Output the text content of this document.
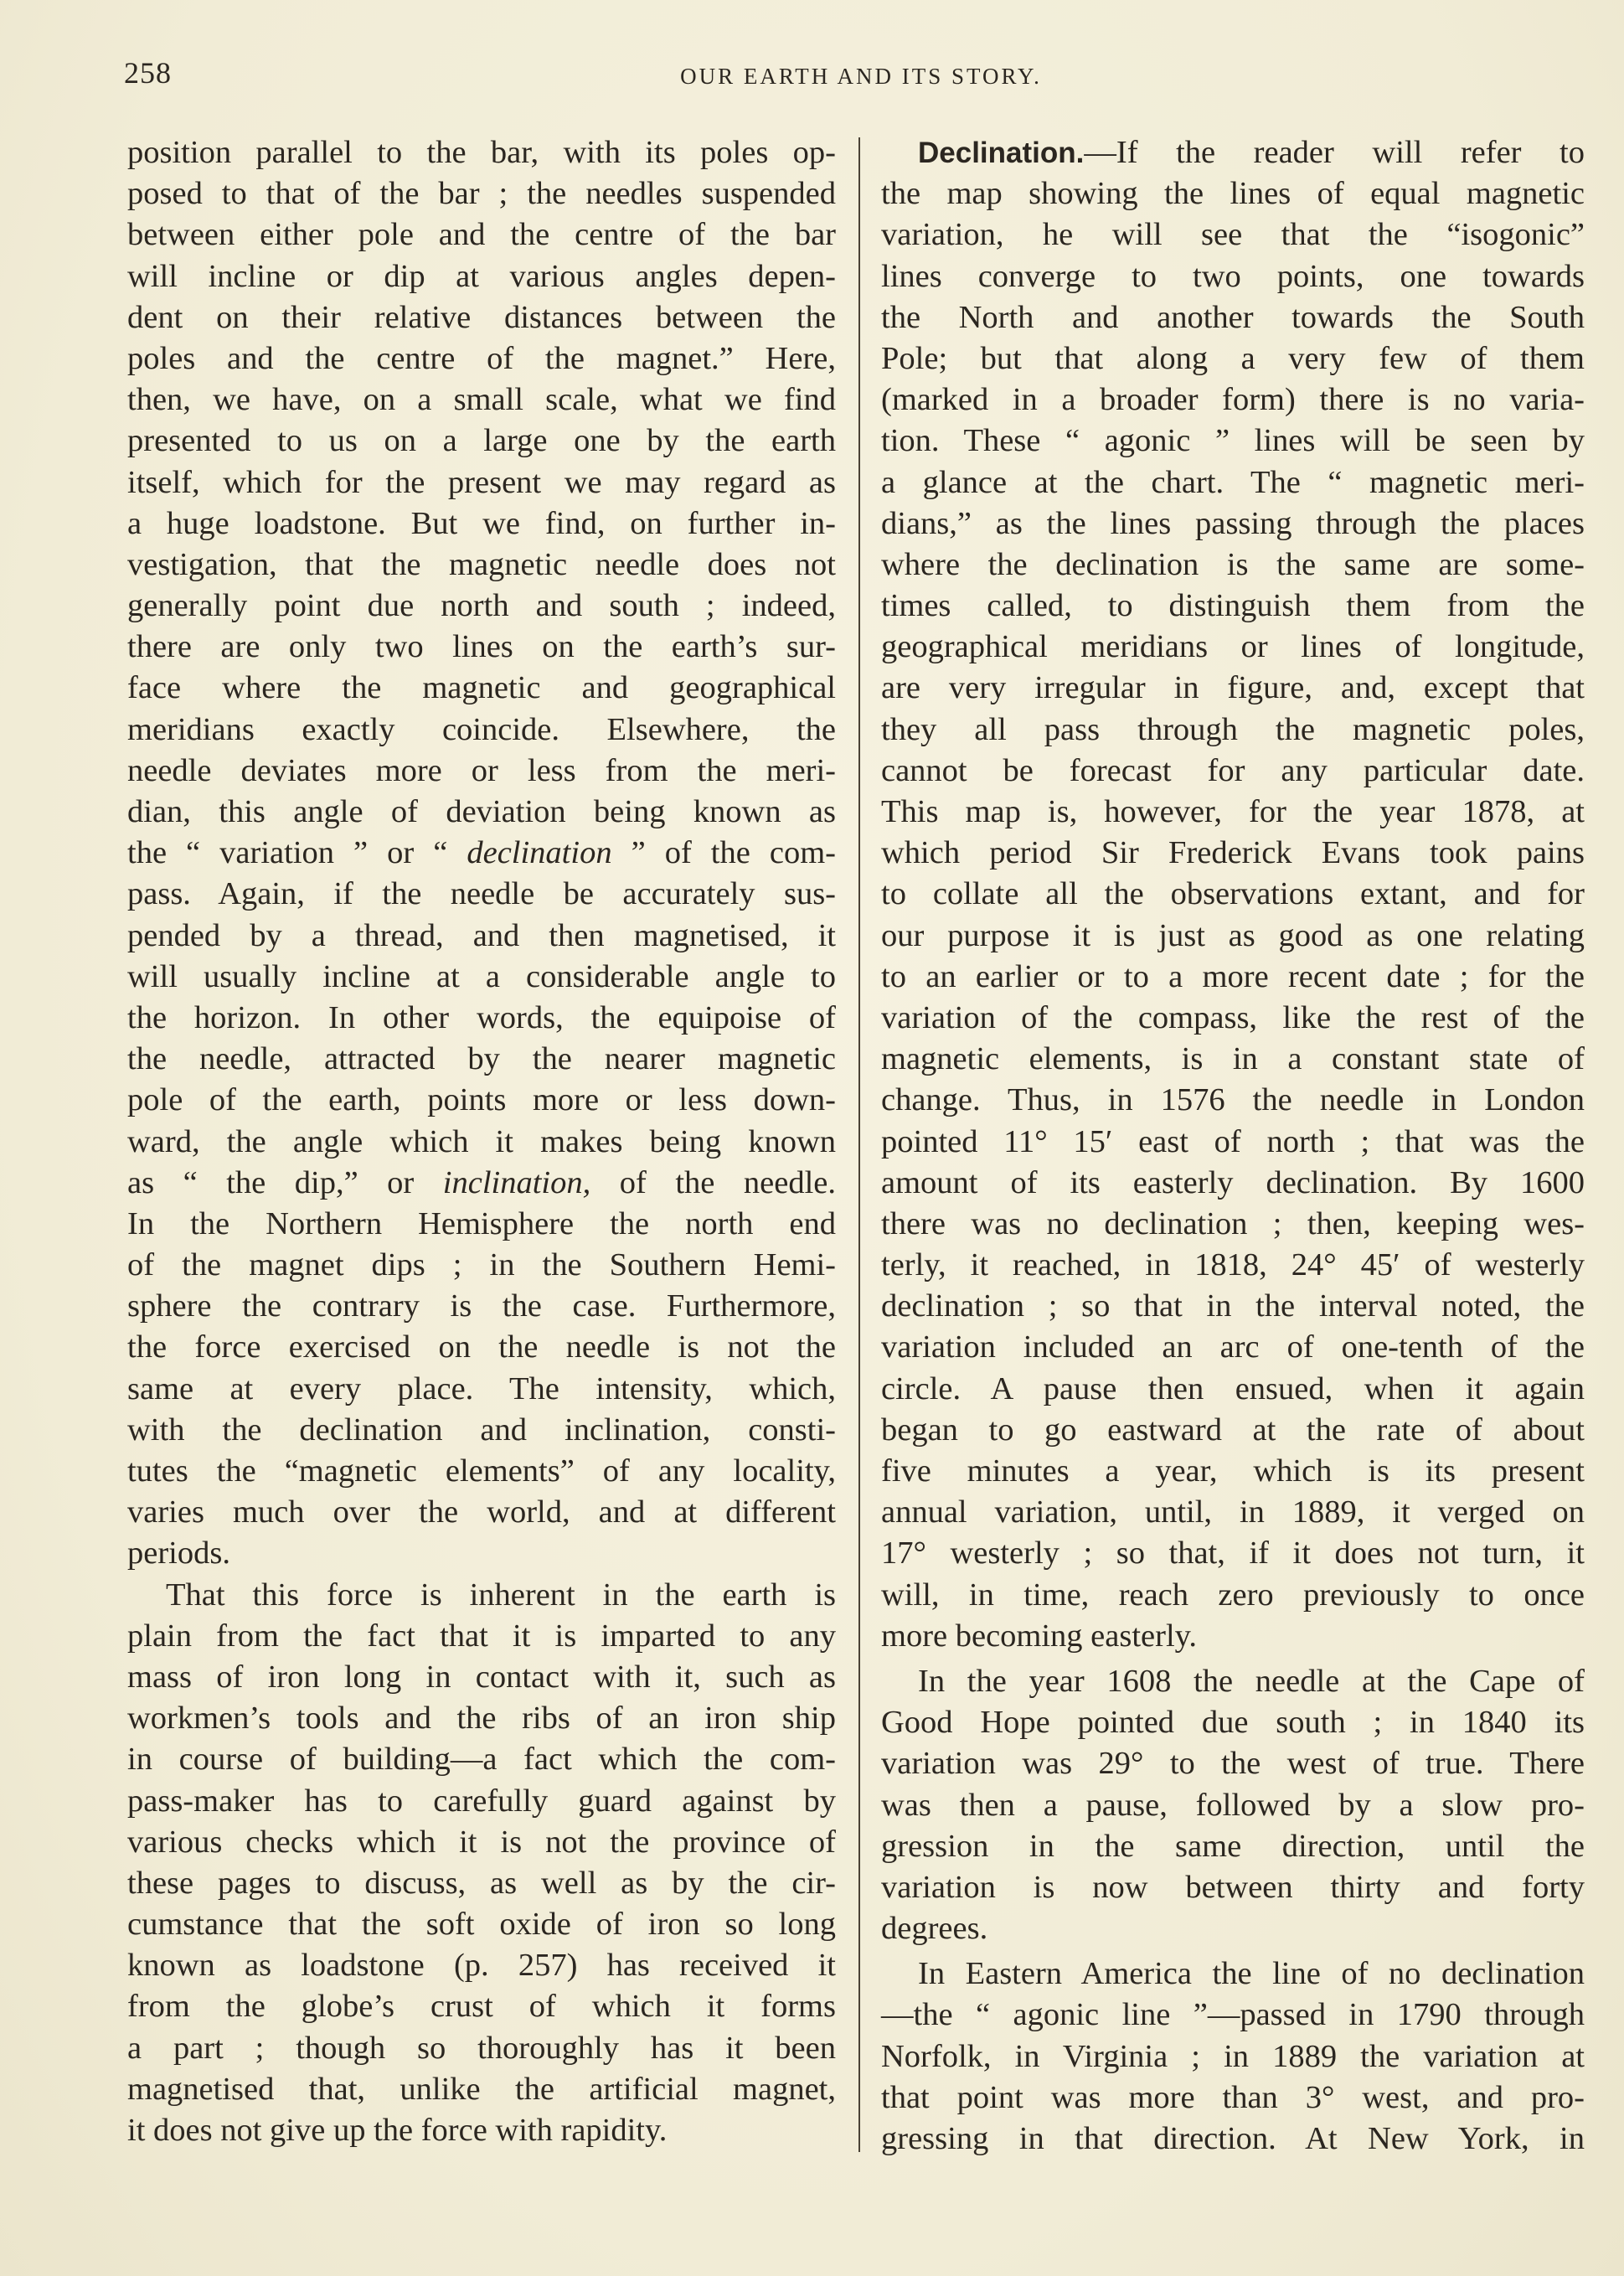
258	OUR EARTH AND ITS STORY.
position parallel to the bar, with its poles op-
posed to that of the bar ; the needles suspended
between either pole and the centre of the bar
will incline or dip at various angles depen-
dent on their relative distances between the
poles and the centre of the magnet.” Here,
then, we have, on a small scale, what we find
presented to us on a large one by the earth
itself, which for the present we may regard as
a huge loadstone. But we find, on further in-
vestigation, that the magnetic needle does not
generally point due north and south ; indeed,
there are only two lines on the earth’s sur-
face where the magnetic and geographical
meridians exactly coincide. Elsewhere, the
needle deviates more or less from the meri-
dian, this angle of deviation being known as
the “ variation ” or “ declination ” of the com-
pass. Again, if the needle be accurately sus-
pended by a thread, and then magnetised, it
will usually incline at a considerable angle to
the horizon. In other words, the equipoise of
the needle, attracted by the nearer magnetic
pole of the earth, points more or less down-
ward, the angle which it makes being known
as “ the dip,” or inclination, of the needle.
In the Northern Hemisphere the north end
of the magnet dips ; in the Southern Hemi-
sphere the contrary is the case. Furthermore,
the force exercised on the needle is not the
same at every place. The intensity, which,
with the declination and inclination, consti-
tutes the “magnetic elements” of any locality,
varies much over the world, and at different
periods.
That this force is inherent in the earth is
plain from the fact that it is imparted to any
mass of iron long in contact with it, such as
workmen’s tools and the ribs of an iron ship
in course of building—a fact which the com-
pass-maker has to carefully guard against by
various checks which it is not the province of
these pages to discuss, as well as by the cir-
cumstance that the soft oxide of iron so long
known as loadstone (p. 257) has received it
from the globe’s crust of which it forms
a part ; though so thoroughly has it been
magnetised that, unlike the artificial magnet,
it does not give up the force with rapidity.
Declination.—If the reader will refer to
the map showing the lines of equal magnetic
variation, he will see that the “isogonic”
lines converge to two points, one towards
the North and another towards the South
Pole; but that along a very few of them
(marked in a broader form) there is no varia-
tion. These “ agonic ” lines will be seen by
a glance at the chart. The “ magnetic meri-
dians,” as the lines passing through the places
where the declination is the same are some-
times called, to distinguish them from the
geographical meridians or lines of longitude,
are very irregular in figure, and, except that
they all pass through the magnetic poles,
cannot be forecast for any particular date.
This map is, however, for the year 1878, at
which period Sir Frederick Evans took pains
to collate all the observations extant, and for
our purpose it is just as good as one relating
to an earlier or to a more recent date ; for the
variation of the compass, like the rest of the
magnetic elements, is in a constant state of
change. Thus, in 1576 the needle in London
pointed 11° 15′ east of north ; that was the
amount of its easterly declination. By 1600
there was no declination ; then, keeping wes-
terly, it reached, in 1818, 24° 45′ of westerly
declination ; so that in the interval noted, the
variation included an arc of one-tenth of the
circle. A pause then ensued, when it again
began to go eastward at the rate of about
five minutes a year, which is its present
annual variation, until, in 1889, it verged on
17° westerly ; so that, if it does not turn, it
will, in time, reach zero previously to once
more becoming easterly.
In the year 1608 the needle at the Cape of
Good Hope pointed due south ; in 1840 its
variation was 29° to the west of true. There
was then a pause, followed by a slow pro-
gression in the same direction, until the
variation is now between thirty and forty
degrees.
In Eastern America the line of no declination
—the “ agonic line ”—passed in 1790 through
Norfolk, in Virginia ; in 1889 the variation at
that point was more than 3° west, and pro-
gressing in that direction. At New York, in
